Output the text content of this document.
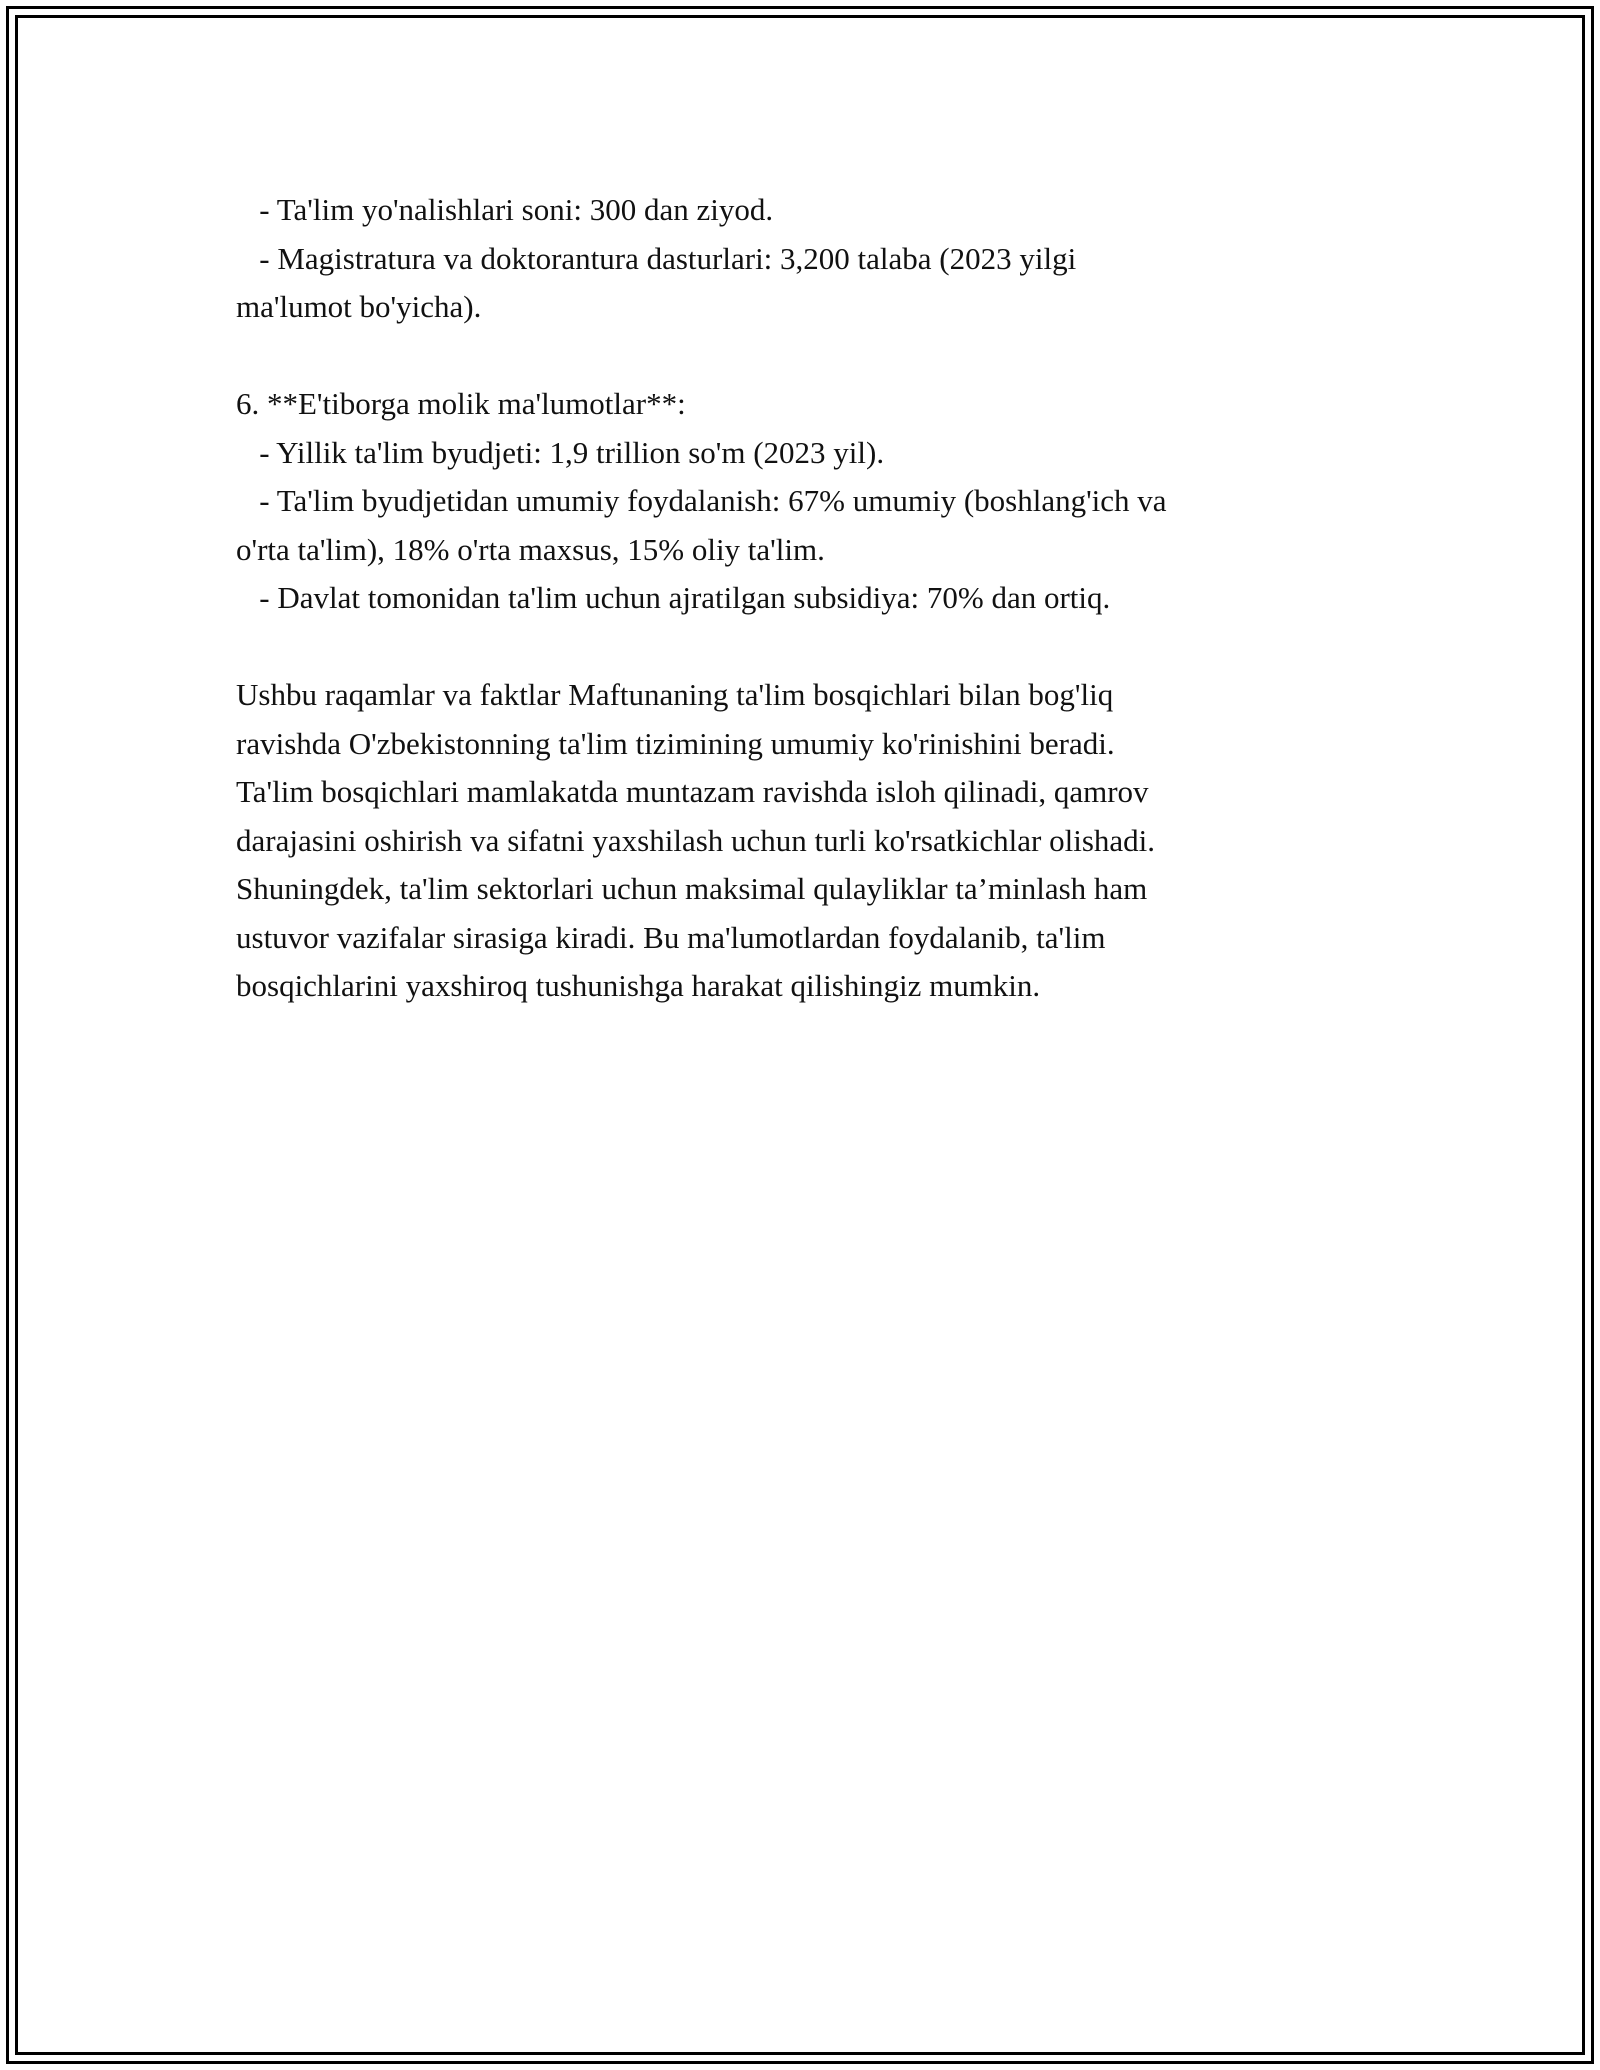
- Ta'lim yo'nalishlari soni: 300 dan ziyod.
- Magistratura va doktorantura dasturlari: 3,200 talaba (2023 yilgi
ma'lumot bo'yicha).
6. **E'tiborga molik ma'lumotlar**:
- Yillik ta'lim byudjeti: 1,9 trillion so'm (2023 yil).
- Ta'lim byudjetidan umumiy foydalanish: 67% umumiy (boshlang'ich va
o'rta ta'lim), 18% o'rta maxsus, 15% oliy ta'lim.
- Davlat tomonidan ta'lim uchun ajratilgan subsidiya: 70% dan ortiq.
Ushbu raqamlar va faktlar Maftunaning ta'lim bosqichlari bilan bog'liq
ravishda O'zbekistonning ta'lim tizimining umumiy ko'rinishini beradi.
Ta'lim bosqichlari mamlakatda muntazam ravishda isloh qilinadi, qamrov
darajasini oshirish va sifatni yaxshilash uchun turli ko'rsatkichlar olishadi.
Shuningdek, ta'lim sektorlari uchun maksimal qulayliklar ta’minlash ham
ustuvor vazifalar sirasiga kiradi. Bu ma'lumotlardan foydalanib, ta'lim
bosqichlarini yaxshiroq tushunishga harakat qilishingiz mumkin.
